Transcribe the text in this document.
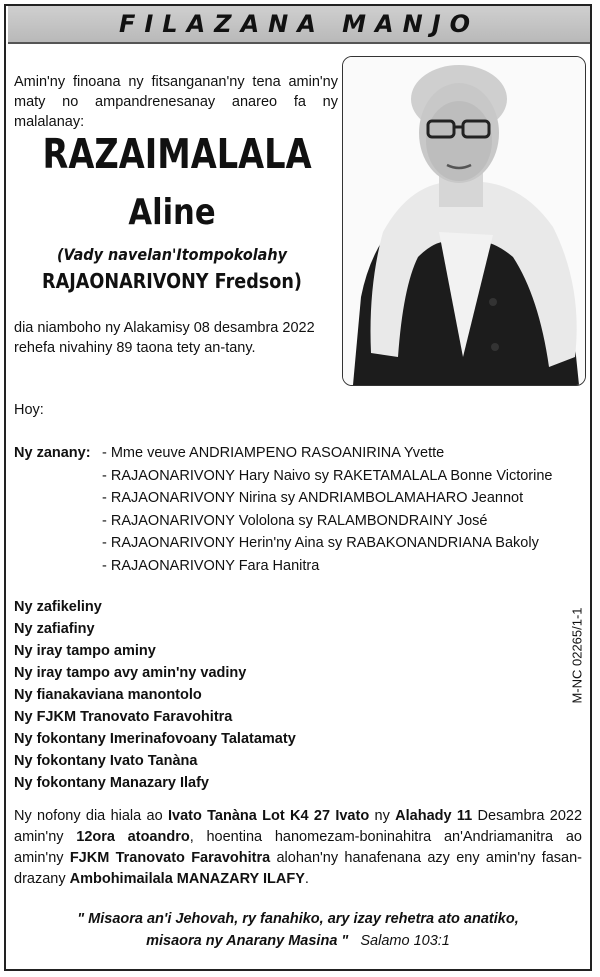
FILAZANA MANJO
Amin'ny finoana ny fitsanganan'ny tena amin'ny maty no ampandrenesanay anareo fa ny malalanay:
RAZAIMALALA
Aline
(Vady navelan'Itompokolahy
RAJAONARIVONY Fredson)
dia niamboho ny Alakamisy 08 desambra 2022 rehefa nivahiny 89 taona tety an-tany.
Hoy:
Ny zanany: - Mme veuve ANDRIAMPENO RASOANIRINA Yvette
- RAJAONARIVONY Hary Naivo sy RAKETAMALALA Bonne Victorine
- RAJAONARIVONY Nirina sy ANDRIAMBOLAMAHARO Jeannot
- RAJAONARIVONY Vololona sy RALAMBONDRAINY José
- RAJAONARIVONY Herin'ny Aina sy RABAKONANDRIANA Bakoly
- RAJAONARIVONY Fara Hanitra
Ny zafikeliny
Ny zafiafiny
Ny iray tampo aminy
Ny iray tampo avy amin'ny vadiny
Ny fianakaviana manontolo
Ny FJKM Tranovato Faravohitra
Ny fokontany Imerinafovoany Talatamaty
Ny fokontany Ivato Tanàna
Ny fokontany Manazary Ilafy
M-NC 02265/1-1
Ny nofony dia hiala ao Ivato Tanàna Lot K4 27 Ivato ny Alahady 11 Desambra 2022 amin'ny 12ora atoandro, hoentina hanomezam-boninahitra an'Andriamanitra ao amin'ny FJKM Tranovato Faravohitra alohan'ny hanafenana azy eny amin'ny fasan-drazany Ambohimailala MANAZARY ILAFY.
" Misaora an'i Jehovah, ry fanahiko, ary izay rehetra ato anatiko,
misaora ny Anarany Masina " Salamo 103:1
